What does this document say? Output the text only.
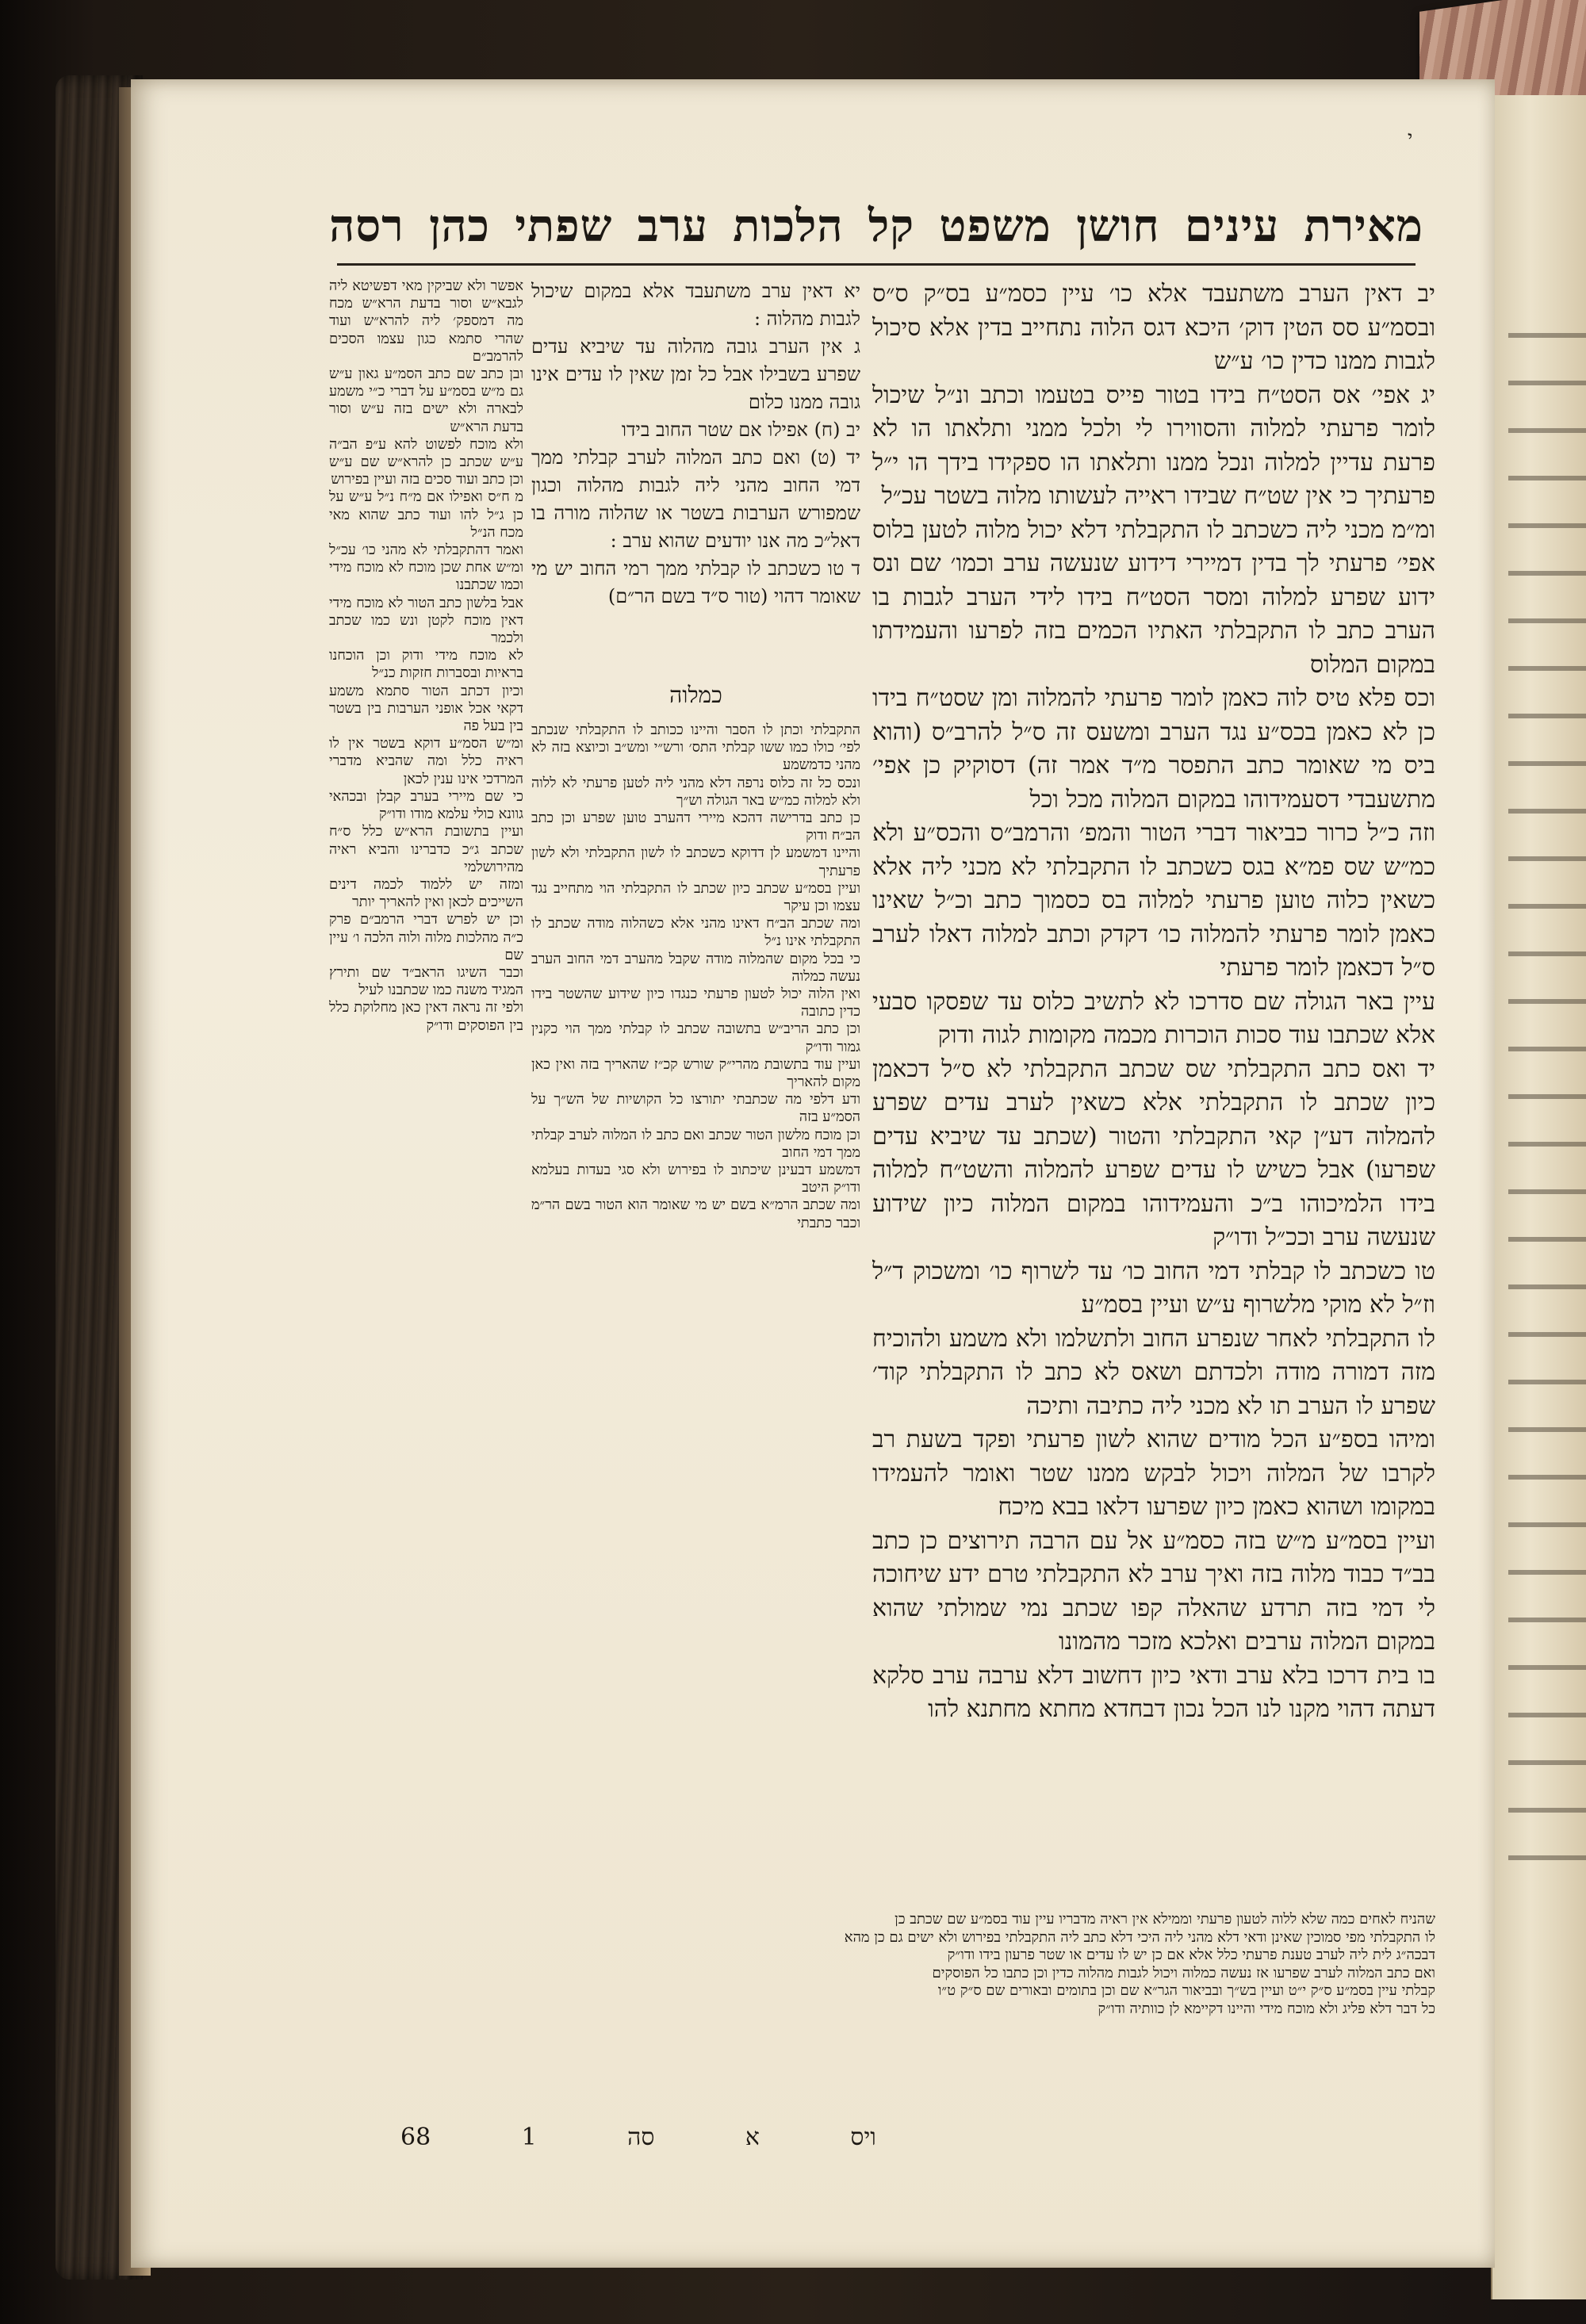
י
מאירת
עינים
חושן
משפט
קל
הלכות
ערב
שפתי
כהן
רסה

יב דאין הערב משתעבד אלא כו׳ עיין כסמ״ע בס״ק ס״ס ובסמ״ע סס הטין דוק׳ היכא דגס הלוה נתחייב בדין אלא סיכול לגבות ממנו כדין כו׳ ע״ש

יג אפי׳ אס הסט״ח בידו בטור פייס בטעמו וכתב ונ״ל שיכול לומר פרעתי למלוה והסווירו לי ולכל ממני ותלאתו הו לא פרעת עדיין למלוה ונכל ממנו ותלאתו הו ספקידו בידך הו י״ל פרעתיך כי אין שט״ח שבידו ראייה לעשותו מלוה בשטר עכ״ל

ומ״מ מכני ליה כשכתב לו התקבלתי דלא יכול מלוה לטען בלוס אפי׳ פרעתי לך בדין דמיירי דידוע שנעשה ערב וכמו׳ שם ונס ידוע שפרע למלוה ומסר הסט״ח בידו לידי הערב לגבות בו הערב כתב לו התקבלתי האתיו הכמים בזה לפרעו והעמידתו במקום המלוס

וכס פלא טיס לוה כאמן לומר פרעתי להמלוה ומן שסט״ח בידו כן לא כאמן בכס״ע נגד הערב ומשעס זה ס״ל להרב״ס (והוא ביס מי שאומר כתב התפסר מ״ד אמר זה) דסוקיק כן אפי׳ מתשעבדי דסעמידוהו במקום המלוה מכל וכל

וזה כ״ל כרור כביאור דברי הטור והמפ׳ והרמב״ס והכס״ע ולא כמ״ש שס פמ״א בגס כשכתב לו התקבלתי לא מכני ליה אלא כשאין כלוה טוען פרעתי למלוה בס כסמוך כתב וכ״ל שאינו כאמן לומר פרעתי להמלוה כו׳ דקדק וכתב למלוה דאלו לערב ס״ל דכאמן לומר פרעתי

עיין באר הגולה שם סדרכו לא לתשיב כלוס עד שפסקו סבעי אלא שכתבו עוד סכות הוכרות מכמה מקומות לגוה ודוק

יד ואס כתב התקבלתי שס שכתב התקבלתי לא ס״ל דכאמן כיון שכתב לו התקבלתי אלא כשאין לערב עדים שפרע להמלוה דע״ן קאי התקבלתי והטור (שכתב עד שיביא עדים שפרעו) אבל כשיש לו עדים שפרע להמלוה והשט״ח למלוה בידו הלמיכוהו ב״כ והעמידוהו במקום המלוה כיון שידוע שנעשה ערב וככ״ל ודו״ק

טו כשכתב לו קבלתי דמי החוב כו׳ עד לשרוף כו׳ ומשכוק ד״ל וז״ל לא מוקי מלשרוף ע״ש ועיין בסמ״ע

לו התקבלתי לאחר שנפרע החוב ולתשלמו ולא משמע ולהוכיח מזה דמורה מודה ולכדתם ושאס לא כתב לו התקבלתי קוד׳ שפרע לו הערב תו לא מכני ליה כתיבה ותיכה

ומיהו בספ״ע הכל מודים שהוא לשון פרעתי ופקד בשעת רב לקרבו של המלוה ויכול לבקש ממנו שטר ואומר להעמידו במקומו ושהוא כאמן כיון שפרעו דלאו בבא מיכח

ועיין בסמ״ע מ״ש בזה כסמ״ע אל עם הרבה תירוצים כן כתב בב״ד כבוד מלוה בזה ואיך ערב לא התקבלתי טרם ידע שיחוכה לי דמי בזה תרדע שהאלה קפו שכתב נמי שמולתי שהוא במקום המלוה ערבים ואלכא מזכר מהמונו

בו בית דרכו בלא ערב ודאי כיון דחשוב דלא ערבה ערב סלקא דעתה דהוי מקנו לנו הכל נכון דבחדא מחתא מחתנא להו

יא דאין ערב משתעבד אלא במקום שיכול לגבות מהלוה :

ג אין הערב גובה מהלוה עד שיביא עדים שפרע בשבילו אבל כל זמן שאין לו עדים אינו גובה ממנו כלום

יב (ח) אפילו אם שטר החוב בידו

יד (ט) ואם כתב המלוה לערב קבלתי ממך דמי החוב מהני ליה לגבות מהלוה וכגון שמפורש הערבות בשטר או שהלוה מורה בו דאל״כ מה אנו יודעים שהוא ערב :

ד טו כשכתב לו קבלתי ממך רמי החוב יש מי שאומר דהוי (טור ס״ד בשם הר״ם)

כמלוה

התקבלתי וכתן לו הסבר והיינו ככותב לו התקבלתי שנכתב לפי׳ כולו כמו ששו קבלתי התס׳ ורש״י ומש״ב וכיוצא בזה לא מהני כדמשמע

ונכס כל זה כלוס נרפה דלא מהני ליה לטען פרעתי לא ללוה ולא למלוה כמ״ש באר הגולה וש״ך

כן כתב בדרישה דהכא מיירי דהערב טוען שפרע וכן כתב הב״ח ודוק

והיינו דמשמע לן דדוקא כשכתב לו לשון התקבלתי ולא לשון פרעתיך

ועיין בסמ״ע שכתב כיון שכתב לו התקבלתי הוי מתחייב נגד עצמו וכן עיקר

ומה שכתב הב״ח דאינו מהני אלא כשהלוה מודה שכתב לו התקבלתי אינו נ״ל

כי בכל מקום שהמלוה מודה שקבל מהערב דמי החוב הערב נעשה כמלוה

ואין הלוה יכול לטעון פרעתי כנגדו כיון שידוע שהשטר בידו כדין כתובה

וכן כתב הריב״ש בתשובה שכתב לו קבלתי ממך הוי כקנין גמור ודו״ק

ועיין עוד בתשובת מהרי״ק שורש קכ״ז שהאריך בזה ואין כאן מקום להאריך

ודע דלפי מה שכתבתי יתורצו כל הקושיות של הש״ך על הסמ״ע בזה

וכן מוכח מלשון הטור שכתב ואם כתב לו המלוה לערב קבלתי ממך דמי החוב

דמשמע דבעינן שיכתוב לו בפירוש ולא סגי בעדות בעלמא ודו״ק היטב

ומה שכתב הרמ״א בשם יש מי שאומר הוא הטור בשם הר״מ וכבר כתבתי

אפשר ולא שביקין מאי דפשיטא ליה לגבא״ש וסור בדעת הרא״ש מכח מה דמספק׳ ליה להרא״ש ועוד שהרי סתמא כגון עצמו הסכים להרמב״ם

ובן כתב שם כתב הסמ״ע גאון ע״ש גם מ״ש בסמ״ע על דברי כ״י משמע לבארה ולא ישים בזה ע״ש וסור בדעת הרא״ש

ולא מוכח לפשוט להא ע״פ הב״ה ע״ש שכתב כן להרא״ש שם ע״ש וכן כתב ועוד סכים בזה ועיין בפירוש

מ ח״ס ואפילו אם מ״ח נ״ל ע״ש על כן ג״ל להו ועוד כתב שהוא מאי מכח הנ״ל

ואמר דהתקבלתי לא מהני כו׳ עכ״ל ומ״ש אחת שכן מוכח לא מוכח מידי וכמו שכתבנו

אבל בלשון כתב הטור לא מוכח מידי דאין מוכח לקטן ונש כמו שכתב ולכמר

לא מוכח מידי ודוק וכן הוכחנו בראיות ובסברות חזקות כנ״ל

וכיון דכתב הטור סתמא משמע דקאי אכל אופני הערבות בין בשטר בין בעל פה

ומ״ש הסמ״ע דוקא בשטר אין לו ראיה כלל ומה שהביא מדברי המרדכי אינו ענין לכאן

כי שם מיירי בערב קבלן ובכהאי גוונא כולי עלמא מודו ודו״ק

ועיין בתשובת הרא״ש כלל ס״ח שכתב ג״כ כדברינו והביא ראיה מהירושלמי

ומזה יש ללמוד לכמה דינים השייכים לכאן ואין להאריך יותר

וכן יש לפרש דברי הרמב״ם פרק כ״ה מהלכות מלוה ולוה הלכה ו׳ עיין שם

וכבר השיגו הראב״ד שם ותירץ המגיד משנה כמו שכתבנו לעיל

ולפי זה נראה דאין כאן מחלוקת כלל בין הפוסקים ודו״ק

שהניח לאחים כמה שלא ללוה לטעון פרעתי וממילא אין ראיה מדבריו עיין עוד בסמ״ע שם שכתב כן

לו התקבלתי מפי סמוכין שאינן ודאי דלא מהני ליה היכי דלא כתב ליה התקבלתי בפירוש ולא ישים גם כן מהא

דבכה״ג לית ליה לערב טענת פרעתי כלל אלא אם כן יש לו עדים או שטר פרעון בידו ודו״ק

ואם כתב המלוה לערב שפרעו אז נעשה כמלוה ויכול לגבות מהלוה כדין וכן כתבו כל הפוסקים

קבלתי עיין בסמ״ע ס״ק י״ט ועיין בש״ך ובביאור הגר״א שם וכן בתומים ובאורים שם ס״ק ט״ו

כל דבר דלא פליג ולא מוכח מידי והיינו דקיימא לן כוותיה ודו״ק

68	1	סה	א	ויס
